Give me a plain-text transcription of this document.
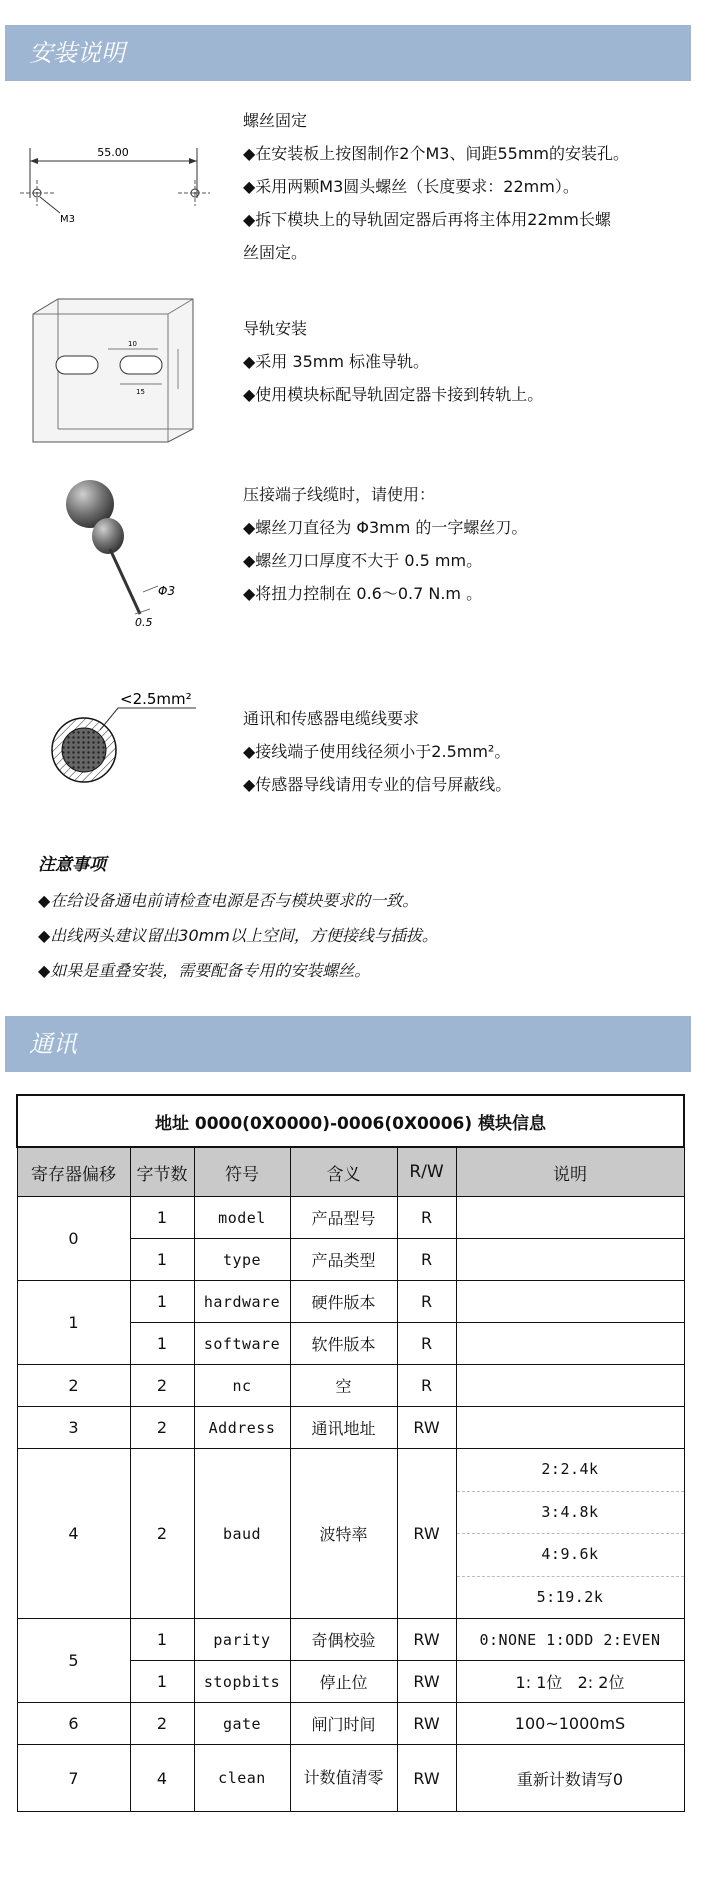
安装说明
55.00
M3
螺丝固定
◆在安装板上按图制作2个M3、间距55mm的安装孔。
◆采用两颗M3圆头螺丝（长度要求：22mm）。
◆拆下模块上的导轨固定器后再将主体用22mm长螺
丝固定。
10
15
导轨安装
◆采用 35mm 标准导轨。
◆使用模块标配导轨固定器卡接到转轨上。
Φ3
0.5
压接端子线缆时，请使用：
◆螺丝刀直径为 Φ3mm 的一字螺丝刀。
◆螺丝刀口厚度不大于 0.5 mm。
◆将扭力控制在 0.6～0.7 N.m 。
<2.5mm²
通讯和传感器电缆线要求
◆接线端子使用线径须小于2.5mm²。
◆传感器导线请用专业的信号屏蔽线。
注意事项
◆在给设备通电前请检查电源是否与模块要求的一致。
◆出线两头建议留出30mm以上空间，方便接线与插拔。
◆如果是重叠安装，需要配备专用的安装螺丝。
通讯
地址 0000(0X0000)-0006(0X0006) 模块信息					
寄存器偏移	字节数	符号	含义	R/W	说明
0	1	model	产品型号	R	
	1	type	产品类型	R	
1	1	hardware	硬件版本	R	
	1	software	软件版本	R	
2	2	nc	空	R	
3	2	Address	通讯地址	RW	
4	2	baud	波特率	RW	2:2.4k
3:4.8k
4:9.6k
5:19.2k

5	1	parity	奇偶校验	RW	0:NONE 1:ODD 2:EVEN
	1	stopbits	停止位	RW	1: 1位   2: 2位
6	2	gate	闸门时间	RW	100~1000mS
7	4	clean	计数值清零	RW	重新计数请写0
